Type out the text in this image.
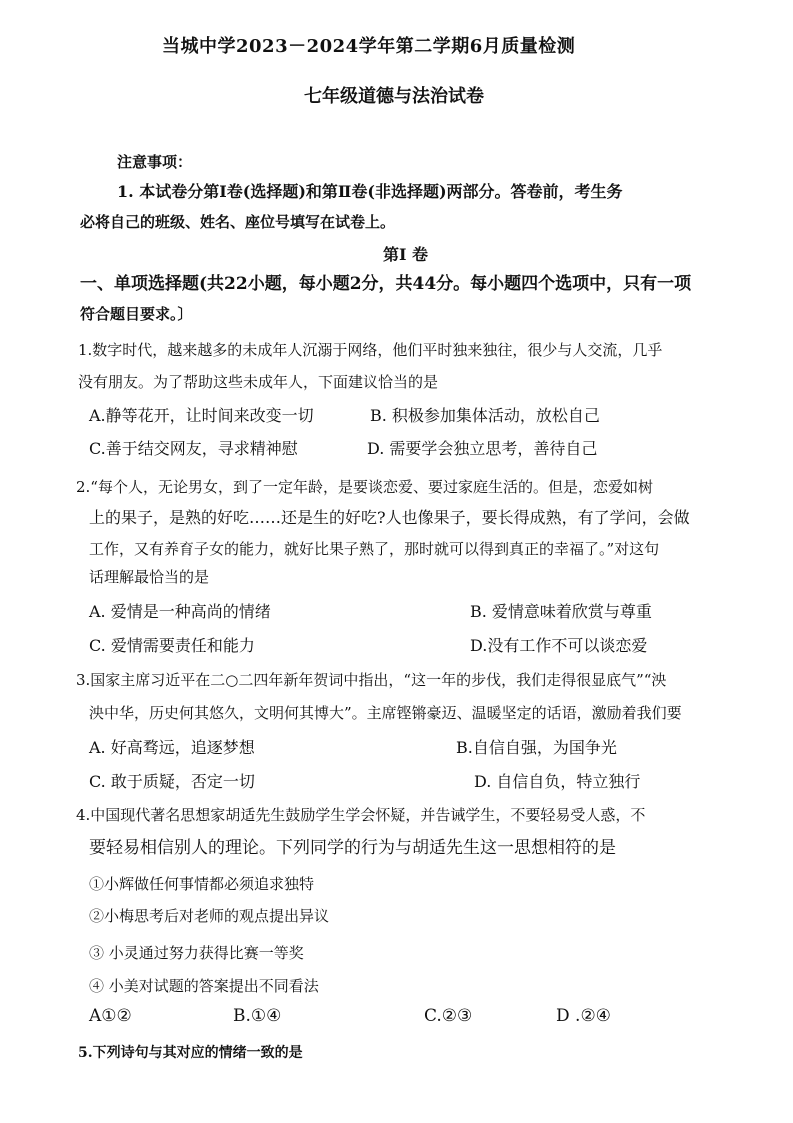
当城中学2023－2024学年第二学期6月质量检测
七年级道德与法治试卷
注意事项：
1. 本试卷分第I卷(选择题)和第Ⅱ卷(非选择题)两部分。答卷前，考生务
必将自己的班级、姓名、座位号填写在试卷上。
第I 卷
一、单项选择题(共22小题，每小题2分，共44分。每小题四个选项中，只有一项
符合题目要求。〕
1.数字时代，越来越多的未成年人沉溺于网络，他们平时独来独往，很少与人交流，几乎
没有朋友。为了帮助这些未成年人，下面建议恰当的是
A.静等花开，让时间来改变一切	B. 积极参加集体活动，放松自己
C.善于结交网友，寻求精神慰	D. 需要学会独立思考，善待自己
2.“每个人，无论男女，到了一定年龄，是要谈恋爱、要过家庭生活的。但是，恋爱如树
上的果子，是熟的好吃……还是生的好吃?人也像果子，要长得成熟，有了学问，会做
工作，又有养育子女的能力，就好比果子熟了，那时就可以得到真正的幸福了。”对这句
话理解最恰当的是
A. 爱情是一种高尚的情绪	B. 爱情意味着欣赏与尊重
C. 爱情需要责任和能力	D.没有工作不可以谈恋爱
3.国家主席习近平在二○二四年新年贺词中指出，“这一年的步伐，我们走得很显底气”“泱
泱中华，历史何其悠久，文明何其博大”。主席铿锵豪迈、温暖坚定的话语，激励着我们要
A. 好高骛远，追逐梦想	B.自信自强，为国争光
C. 敢于质疑，否定一切	D. 自信自负，特立独行
4.中国现代著名思想家胡适先生鼓励学生学会怀疑，并告诫学生，不要轻易受人惑，不
要轻易相信别人的理论。下列同学的行为与胡适先生这一思想相符的是
①小辉做任何事情都必须追求独特
②小梅思考后对老师的观点提出异议
③ 小灵通过努力获得比赛一等奖
④ 小美对试题的答案提出不同看法
A①②	B.①④	C.②③	D .②④
5.下列诗句与其对应的情绪一致的是
